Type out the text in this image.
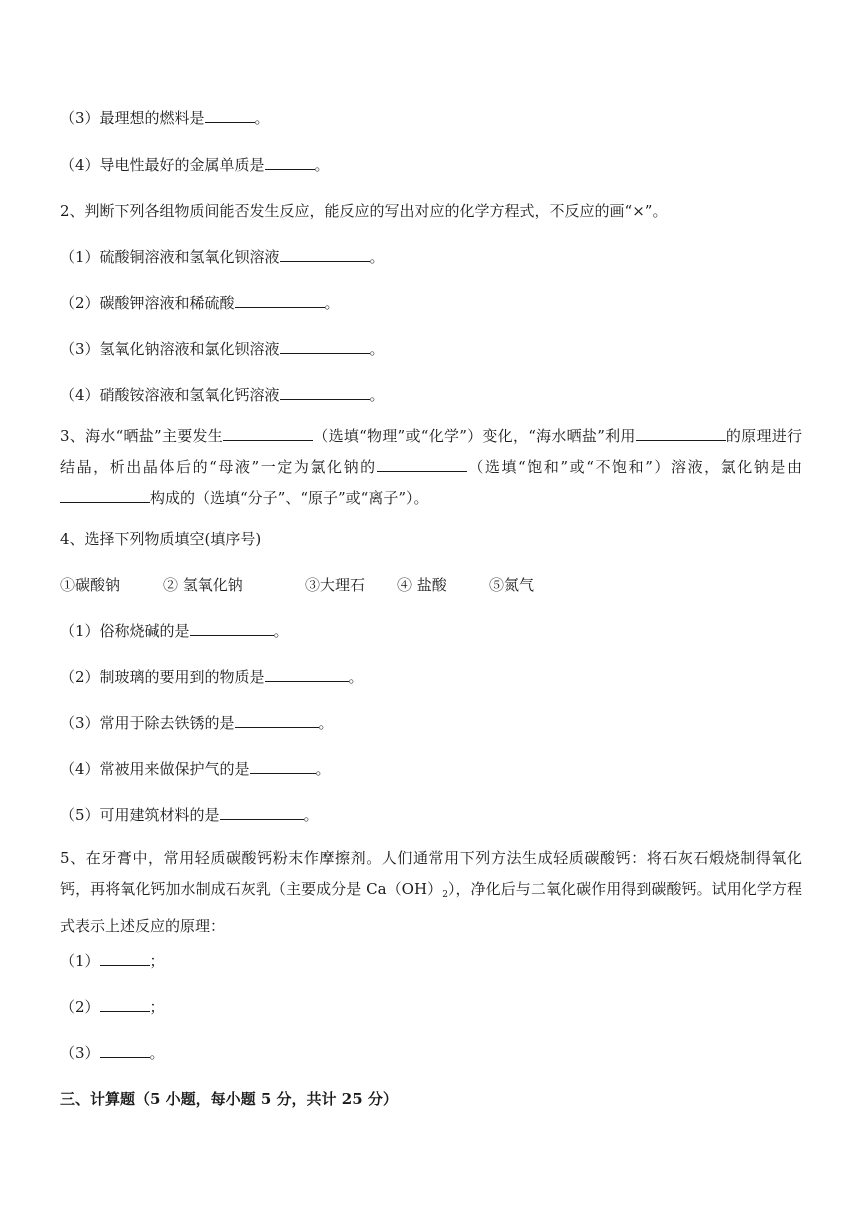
（3）最理想的燃料是	。
（4）导电性最好的金属单质是	。
2、判断下列各组物质间能否发生反应，能反应的写出对应的化学方程式，不反应的画“×”。
（1）硫酸铜溶液和氢氧化钡溶液	。
（2）碳酸钾溶液和稀硫酸	。
（3）氢氧化钠溶液和氯化钡溶液	。
（4）硝酸铵溶液和氢氧化钙溶液	。
3、海水“晒盐”主要发生	（选填“物理”或“化学”）变化，“海水晒盐”利用	的原理进行结晶，析出晶体后的“母液”一定为氯化钠的	（选填“饱和”或“不饱和”）溶液，氯化钠是由构成的（选填“分子”、“原子”或“离子”）。
4、选择下列物质填空(填序号)
①碳酸钠	② 氢氧化钠	③大理石 ④ 盐酸	⑤氮气
（1）俗称烧碱的是	。
（2）制玻璃的要用到的物质是	。
（3）常用于除去铁锈的是	。
（4）常被用来做保护气的是	。
（5）可用建筑材料的是	。
5、在牙膏中，常用轻质碳酸钙粉末作摩擦剂。人们通常用下列方法生成轻质碳酸钙：将石灰石煅烧制得氧化钙，再将氧化钙加水制成石灰乳（主要成分是 $Ca(OH)_2$），净化后与二氧化碳作用得到碳酸钙。试用化学方程式表示上述反应的原理：
（1）	；
（2）	；
（3）	。
三、计算题（5 小题，每小题 5 分，共计 25 分）
